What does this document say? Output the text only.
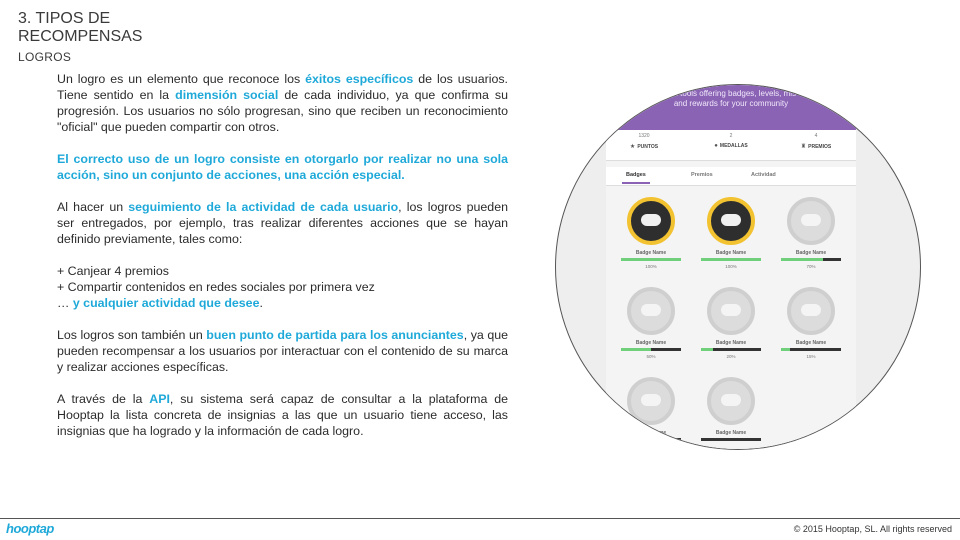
3. TIPOS DE
RECOMPENSAS
LOGROS

Un logro es un elemento que reconoce los éxitos específicos de los usuarios. Tiene sentido en la dimensión social de cada individuo, ya que confirma su progresión. Los usuarios no sólo progresan, sino que reciben un reconocimiento "oficial" que pueden compartir con otros.

El correcto uso de un logro consiste en otorgarlo por realizar no una sola acción, sino un conjunto de acciones, una acción especial.

Al hacer un seguimiento de la actividad de cada usuario, los logros pueden ser entregados, por ejemplo, tras realizar diferentes acciones que se hayan definido previamente, tales como:

+ Canjear 4 premios
+ Compartir contenidos en redes sociales por primera vez
… y cualquier actividad que desee.

Los logros son también un buen punto de partida para los anunciantes, ya que pueden recompensar a los usuarios por interactuar con el contenido de su marca y realizar acciones específicas.

A través de la API, su sistema será capaz de consultar a la plataforma de Hooptap la lista concreta de insignias a las que un usuario tiene acceso, las insignias que ha logrado y la información de cada logro.

cial tools offering badges, levels, mis
and rewards for your community
1320
★ PUNTOS
2
● MEDALLAS
4
♜ PREMIOS
Badges	Premios	Actividad
Badge Name
100%
Badge Name
100%
Badge Name
70%
Badge Name
50%
Badge Name
20%
Badge Name
15%
Badge Name	Badge Name
hooptap	© 2015 Hooptap, SL. All rights reserved
